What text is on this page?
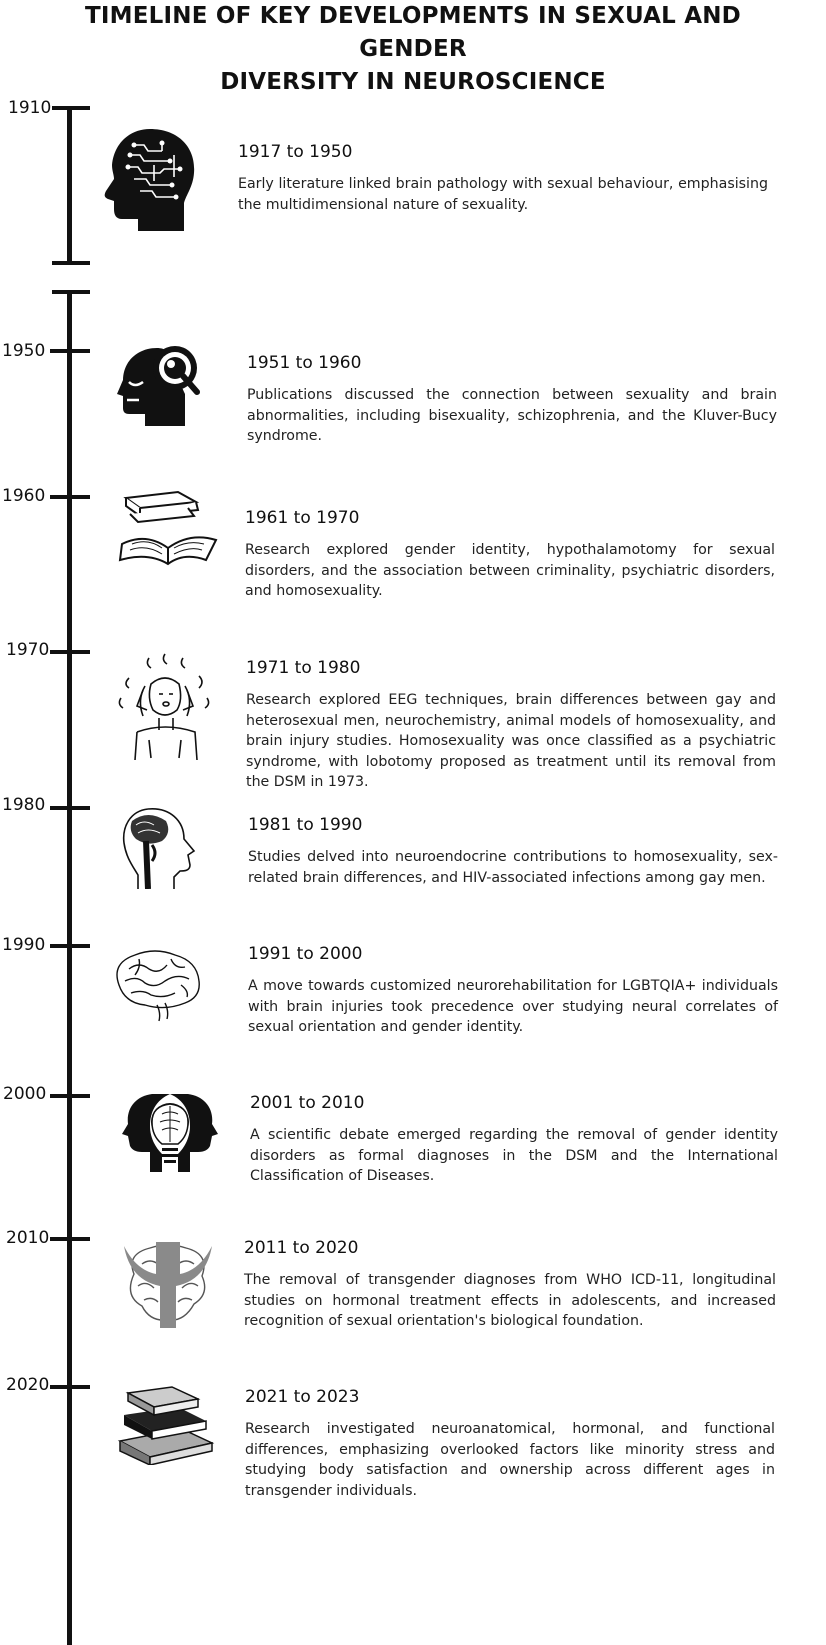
TIMELINE OF KEY DEVELOPMENTS IN SEXUAL AND GENDER
DIVERSITY IN NEUROSCIENCE
1910
1950
1960
1970
1980
1990
2000
2010
2020
1917 to 1950

Early literature linked brain pathology with sexual behaviour, emphasising the multidimensional nature of sexuality.

1951 to 1960

Publications discussed the connection between sexuality and brain abnormalities, including bisexuality, schizophrenia, and the Kluver-Bucy syndrome.

1961 to 1970

Research explored gender identity, hypothalamotomy for sexual disorders, and the association between criminality, psychiatric disorders, and homosexuality.

1971 to 1980

Research explored EEG techniques, brain differences between gay and heterosexual men, neurochemistry, animal models of homosexuality, and brain injury studies. Homosexuality was once classified as a psychiatric syndrome, with lobotomy proposed as treatment until its removal from the DSM in 1973.

1981 to 1990

Studies delved into neuroendocrine contributions to homosexuality, sex-related brain differences, and HIV-associated infections among gay men.

1991 to 2000

A move towards customized neurorehabilitation for LGBTQIA+ individuals with brain injuries took precedence over studying neural correlates of sexual orientation and gender identity.

2001 to 2010

A scientific debate emerged regarding the removal of gender identity disorders as formal diagnoses in the DSM and the International Classification of Diseases.

2011 to 2020

The removal of transgender diagnoses from WHO ICD-11, longitudinal studies on hormonal treatment effects in adolescents, and increased recognition of sexual orientation's biological foundation.

2021 to 2023

Research investigated neuroanatomical, hormonal, and functional differences, emphasizing overlooked factors like minority stress and studying body satisfaction and ownership across different ages in transgender individuals.
